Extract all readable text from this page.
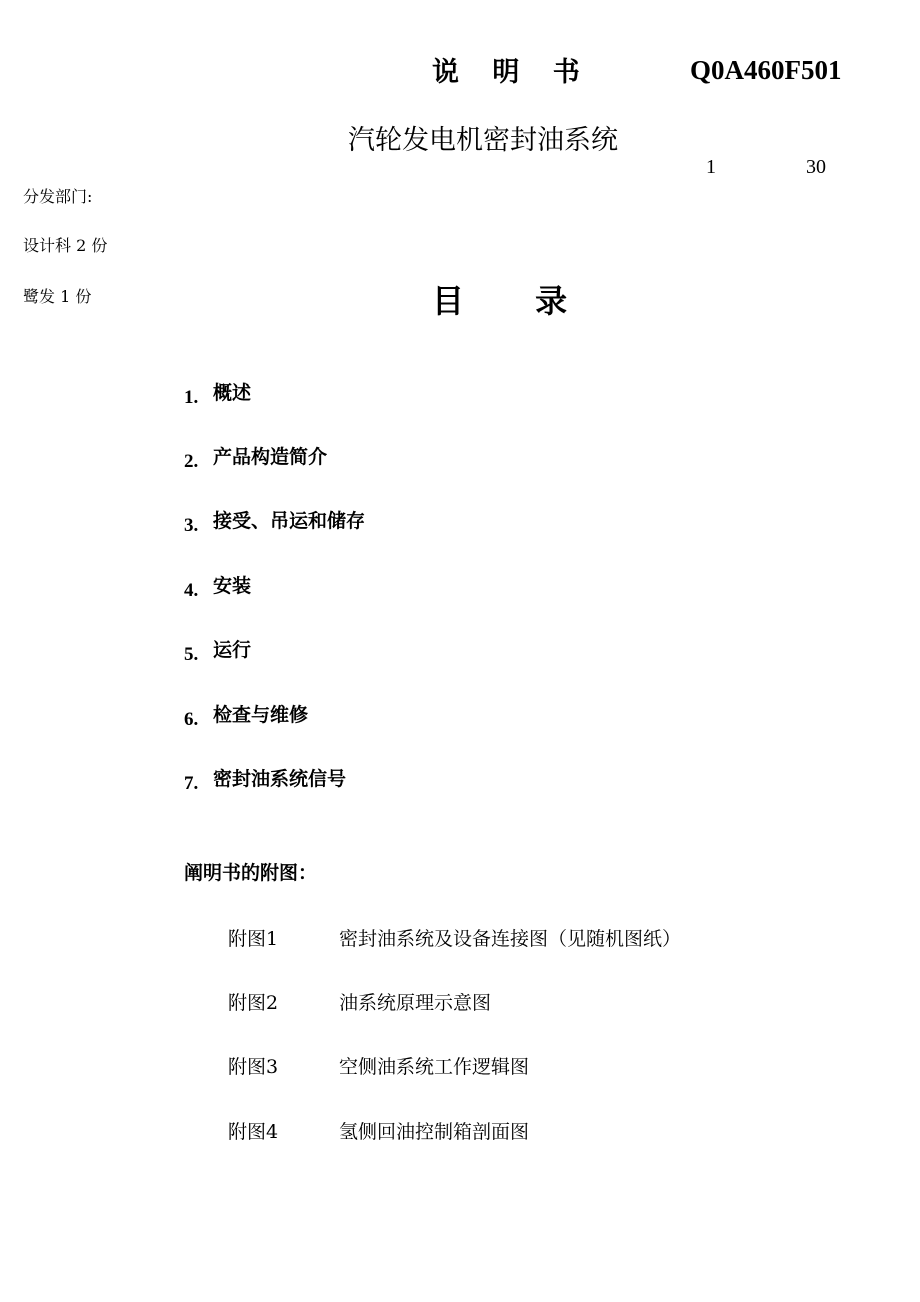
说 明 书	Q0A460F501
汽轮发电机密封油系统
1	30
分发部门:
设计科 2 份
鹭发 1 份	目 录
1. 概述
2. 产品构造简介
3. 接受、吊运和储存
4. 安装
5. 运行
6. 检查与维修
7. 密封油系统信号
阐明书的附图：
附图1	密封油系统及设备连接图（见随机图纸）
附图2	油系统原理示意图
附图3	空侧油系统工作逻辑图
附图4	氢侧回油控制箱剖面图
